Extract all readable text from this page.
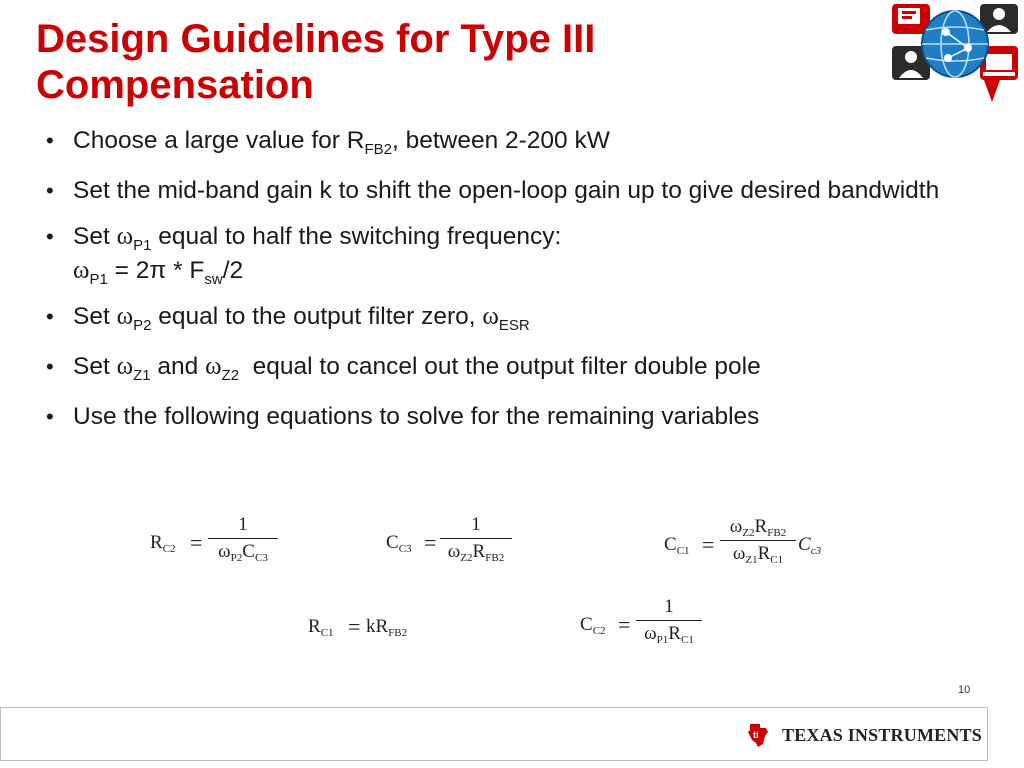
Design Guidelines for Type III
Compensation
• Choose a large value for $R_{FB2}$, between 2-200 kW
• Set the mid-band gain k to shift the open-loop gain up to give desired bandwidth
• Set $\omega_{P1}$ equal to half the switching frequency:
$\omega_{P1} = 2\pi * F_{sw}/2$
• Set $\omega_{P2}$ equal to the output filter zero, $\omega_{ESR}$
• Set $\omega_{Z1}$ and $\omega_{Z2}$  equal to cancel out the output filter double pole
• Use the following equations to solve for the remaining variables
$R_{C2}$ =
1
$\omega_{P2}C_{C3}$
$C_{C3}$ =
1
$\omega_{Z2}R_{FB2}$
$C_{C1}$ =
$\omega_{Z2}R_{FB2}$
$\omega_{Z1}R_{C1}$
$C_{c3}$
$R_{C1} = kR_{FB2}$	$C_{C2}$ =
1
$\omega_{P1}R_{C1}$
10
ti TEXAS INSTRUMENTS
